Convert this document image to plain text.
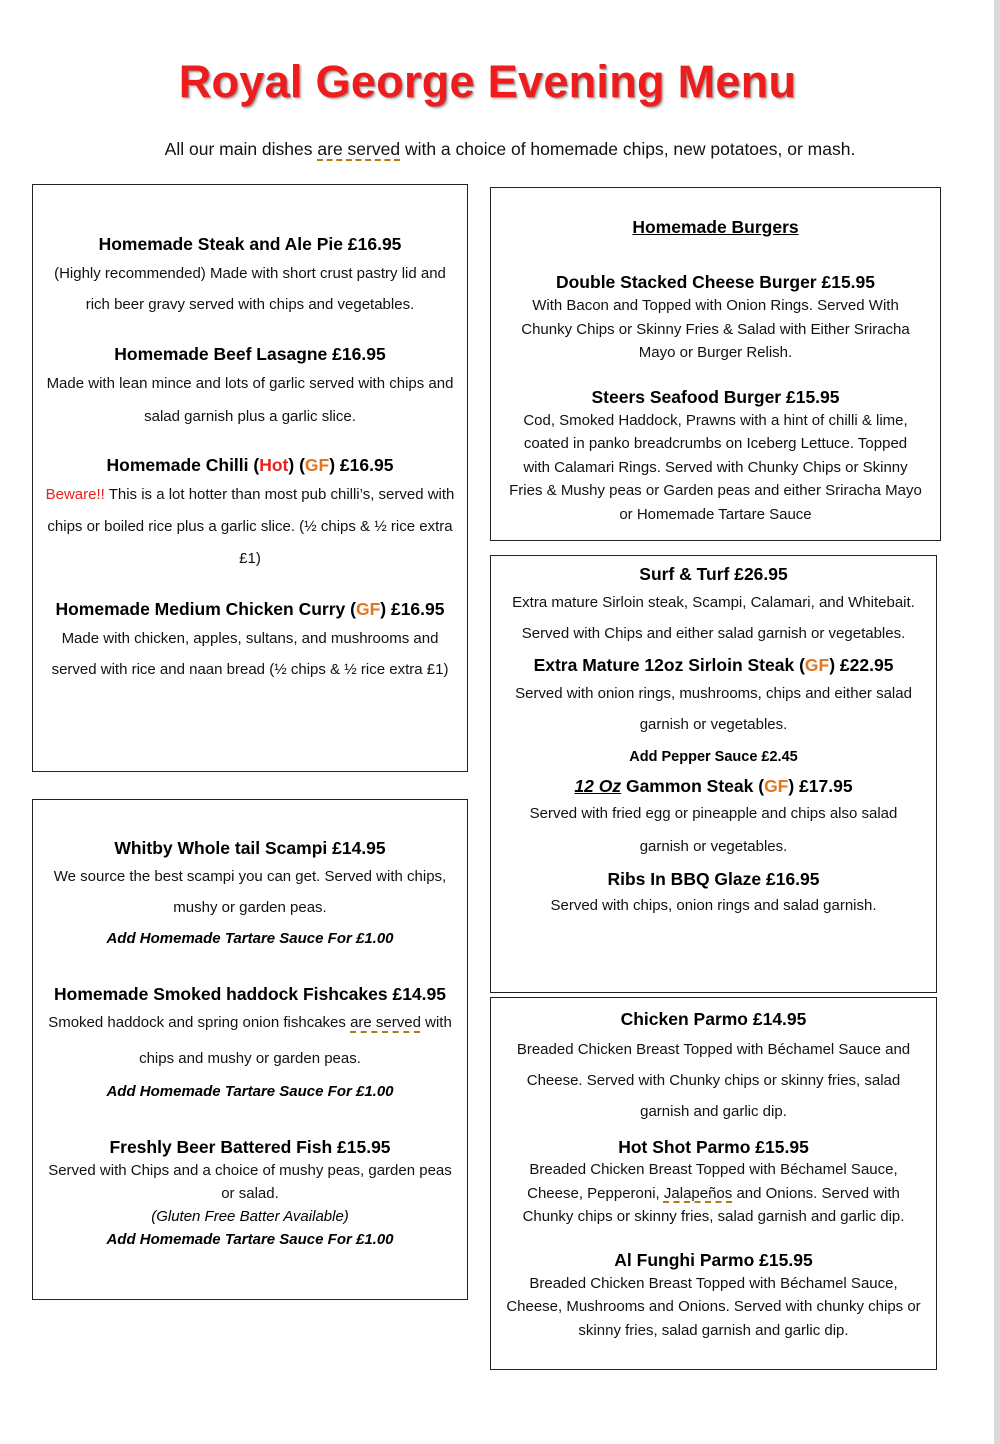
Royal George Evening Menu
All our main dishes are served with a choice of homemade chips, new potatoes, or mash.
Homemade Steak and Ale Pie £16.95
(Highly recommended) Made with short crust pastry lid and rich beer gravy served with chips and vegetables.
Homemade Beef Lasagne £16.95
Made with lean mince and lots of garlic served with chips and salad garnish plus a garlic slice.
Homemade Chilli (Hot) (GF) £16.95
Beware!! This is a lot hotter than most pub chilli’s, served with chips or boiled rice plus a garlic slice. (½ chips & ½ rice extra £1)
Homemade Medium Chicken Curry (GF) £16.95
Made with chicken, apples, sultans, and mushrooms and served with rice and naan bread (½ chips & ½ rice extra £1)
Whitby Whole tail Scampi £14.95
We source the best scampi you can get. Served with chips, mushy or garden peas.
Add Homemade Tartare Sauce For £1.00
Homemade Smoked haddock Fishcakes £14.95
Smoked haddock and spring onion fishcakes are served with chips and mushy or garden peas.
Add Homemade Tartare Sauce For £1.00
Freshly Beer Battered Fish £15.95
Served with Chips and a choice of mushy peas, garden peas or salad.
(Gluten Free Batter Available)
Add Homemade Tartare Sauce For £1.00
Homemade Burgers
Double Stacked Cheese Burger £15.95
With Bacon and Topped with Onion Rings. Served With Chunky Chips or Skinny Fries & Salad with Either Sriracha Mayo or Burger Relish.
Steers Seafood Burger £15.95
Cod, Smoked Haddock, Prawns with a hint of chilli & lime, coated in panko breadcrumbs on Iceberg Lettuce. Topped with Calamari Rings. Served with Chunky Chips or Skinny Fries & Mushy peas or Garden peas and either Sriracha Mayo or Homemade Tartare Sauce
Surf & Turf £26.95
Extra mature Sirloin steak, Scampi, Calamari, and Whitebait. Served with Chips and either salad garnish or vegetables.
Extra Mature 12oz Sirloin Steak (GF) £22.95
Served with onion rings, mushrooms, chips and either salad garnish or vegetables.
Add Pepper Sauce £2.45
12 Oz Gammon Steak (GF) £17.95
Served with fried egg or pineapple and chips also salad garnish or vegetables.
Ribs In BBQ Glaze £16.95
Served with chips, onion rings and salad garnish.
Chicken Parmo £14.95
Breaded Chicken Breast Topped with Béchamel Sauce and Cheese. Served with Chunky chips or skinny fries, salad garnish and garlic dip.
Hot Shot Parmo £15.95
Breaded Chicken Breast Topped with Béchamel Sauce, Cheese, Pepperoni, Jalapeños and Onions. Served with Chunky chips or skinny fries, salad garnish and garlic dip.
Al Funghi Parmo £15.95
Breaded Chicken Breast Topped with Béchamel Sauce, Cheese, Mushrooms and Onions. Served with chunky chips or skinny fries, salad garnish and garlic dip.
